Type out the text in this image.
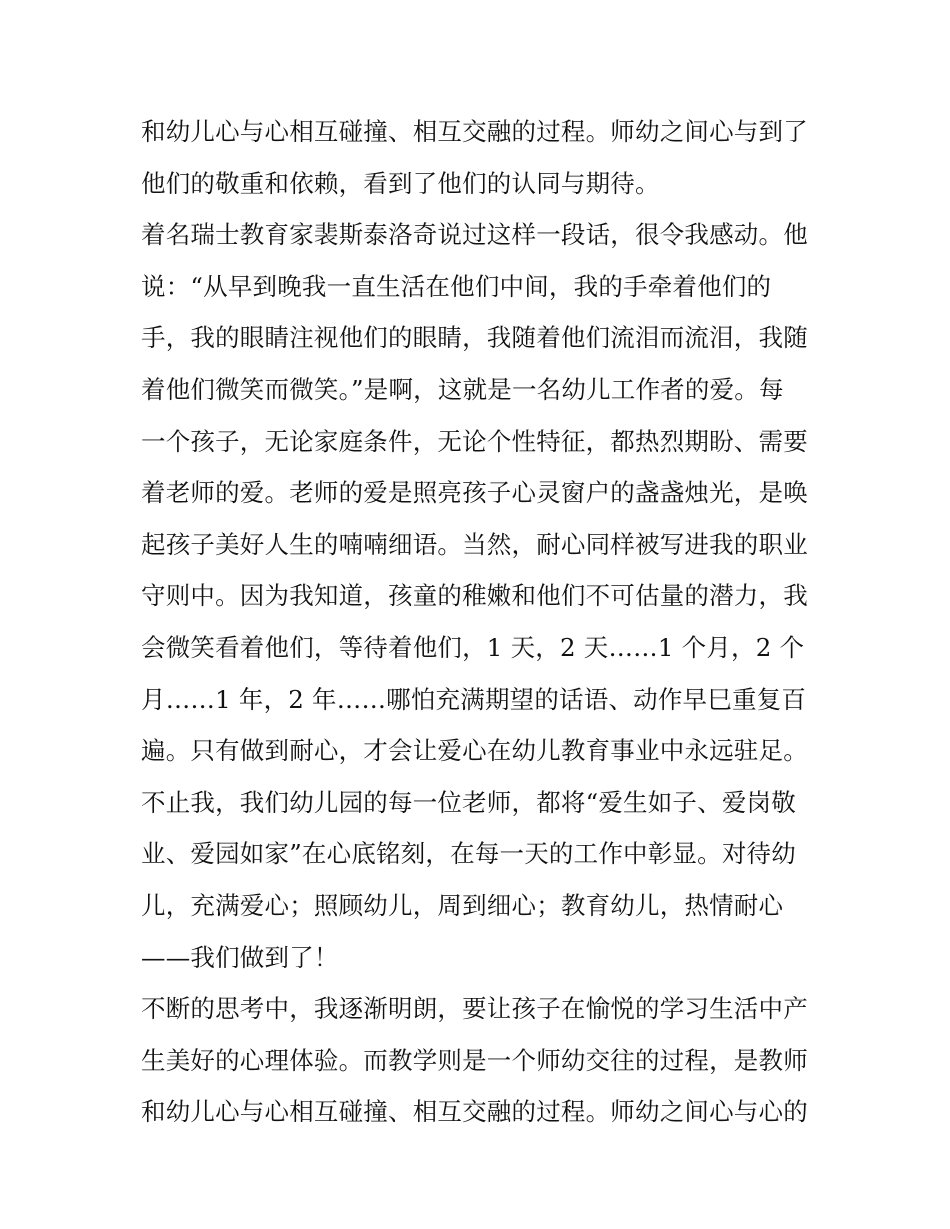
和幼儿心与心相互碰撞、相互交融的过程。师幼之间心与到了
他们的敬重和依赖，看到了他们的认同与期待。
着名瑞士教育家裴斯泰洛奇说过这样一段话，很令我感动。他
说：“从早到晚我一直生活在他们中间，我的手牵着他们的
手，我的眼睛注视他们的眼睛，我随着他们流泪而流泪，我随
着他们微笑而微笑。”是啊，这就是一名幼儿工作者的爱。每
一个孩子，无论家庭条件，无论个性特征，都热烈期盼、需要
着老师的爱。老师的爱是照亮孩子心灵窗户的盏盏烛光，是唤
起孩子美好人生的喃喃细语。当然，耐心同样被写进我的职业
守则中。因为我知道，孩童的稚嫩和他们不可估量的潜力，我
会微笑看着他们，等待着他们，1 天，2 天……1 个月，2 个
月……1 年，2 年……哪怕充满期望的话语、动作早巳重复百
遍。只有做到耐心，才会让爱心在幼儿教育事业中永远驻足。
不止我，我们幼儿园的每一位老师，都将“爱生如子、爱岗敬
业、爱园如家”在心底铭刻，在每一天的工作中彰显。对待幼
儿，充满爱心；照顾幼儿，周到细心；教育幼儿，热情耐心
——我们做到了！
不断的思考中，我逐渐明朗，要让孩子在愉悦的学习生活中产
生美好的心理体验。而教学则是一个师幼交往的过程，是教师
和幼儿心与心相互碰撞、相互交融的过程。师幼之间心与心的
